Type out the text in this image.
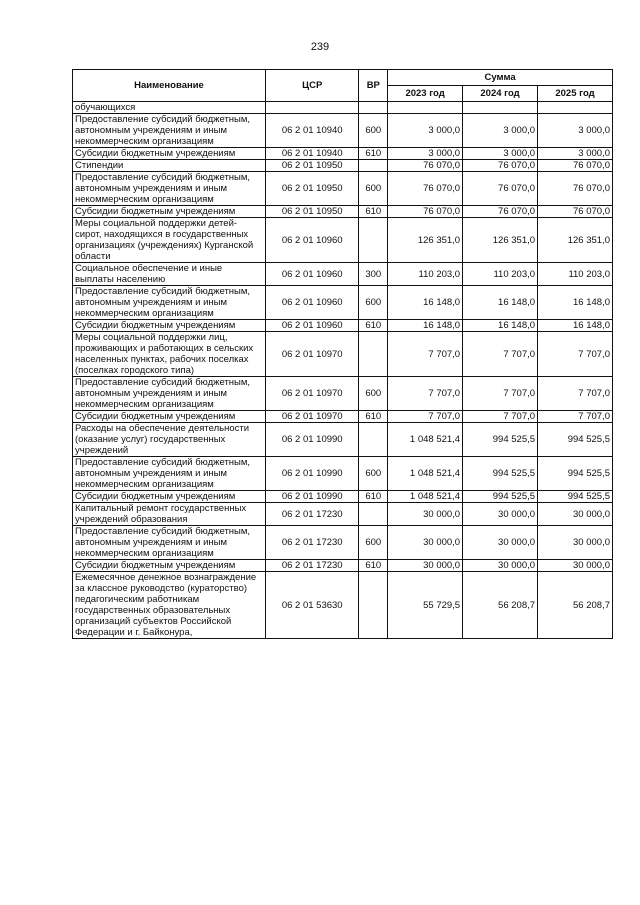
239
Наименование	ЦСР	ВР	Сумма		
			2023 год	2024 год	2025 год
обучающихся					
Предоставление субсидий бюджетным, автономным учреждениям и иным некоммерческим организациям	06 2 01 10940	600	3 000,0	3 000,0	3 000,0
Субсидии бюджетным учреждениям	06 2 01 10940	610	3 000,0	3 000,0	3 000,0
Стипендии	06 2 01 10950		76 070,0	76 070,0	76 070,0
Предоставление субсидий бюджетным, автономным учреждениям и иным некоммерческим организациям	06 2 01 10950	600	76 070,0	76 070,0	76 070,0
Субсидии бюджетным учреждениям	06 2 01 10950	610	76 070,0	76 070,0	76 070,0
Меры социальной поддержки детей-сирот, находящихся в государственных организациях (учреждениях) Курганской области	06 2 01 10960		126 351,0	126 351,0	126 351,0
Социальное обеспечение и иные выплаты населению	06 2 01 10960	300	110 203,0	110 203,0	110 203,0
Предоставление субсидий бюджетным, автономным учреждениям и иным некоммерческим организациям	06 2 01 10960	600	16 148,0	16 148,0	16 148,0
Субсидии бюджетным учреждениям	06 2 01 10960	610	16 148,0	16 148,0	16 148,0
Меры социальной поддержки лиц, проживающих и работающих в сельских населенных пунктах, рабочих поселках (поселках городского типа)	06 2 01 10970		7 707,0	7 707,0	7 707,0
Предоставление субсидий бюджетным, автономным учреждениям и иным некоммерческим организациям	06 2 01 10970	600	7 707,0	7 707,0	7 707,0
Субсидии бюджетным учреждениям	06 2 01 10970	610	7 707,0	7 707,0	7 707,0
Расходы на обеспечение деятельности (оказание услуг) государственных учреждений	06 2 01 10990		1 048 521,4	994 525,5	994 525,5
Предоставление субсидий бюджетным, автономным учреждениям и иным некоммерческим организациям	06 2 01 10990	600	1 048 521,4	994 525,5	994 525,5
Субсидии бюджетным учреждениям	06 2 01 10990	610	1 048 521,4	994 525,5	994 525,5
Капитальный ремонт государственных учреждений образования	06 2 01 17230		30 000,0	30 000,0	30 000,0
Предоставление субсидий бюджетным, автономным учреждениям и иным некоммерческим организациям	06 2 01 17230	600	30 000,0	30 000,0	30 000,0
Субсидии бюджетным учреждениям	06 2 01 17230	610	30 000,0	30 000,0	30 000,0
Ежемесячное денежное вознаграждение за классное руководство (кураторство) педагогическим работникам государственных образовательных организаций субъектов Российской Федерации и г. Байконура,	06 2 01 53630		55 729,5	56 208,7	56 208,7
